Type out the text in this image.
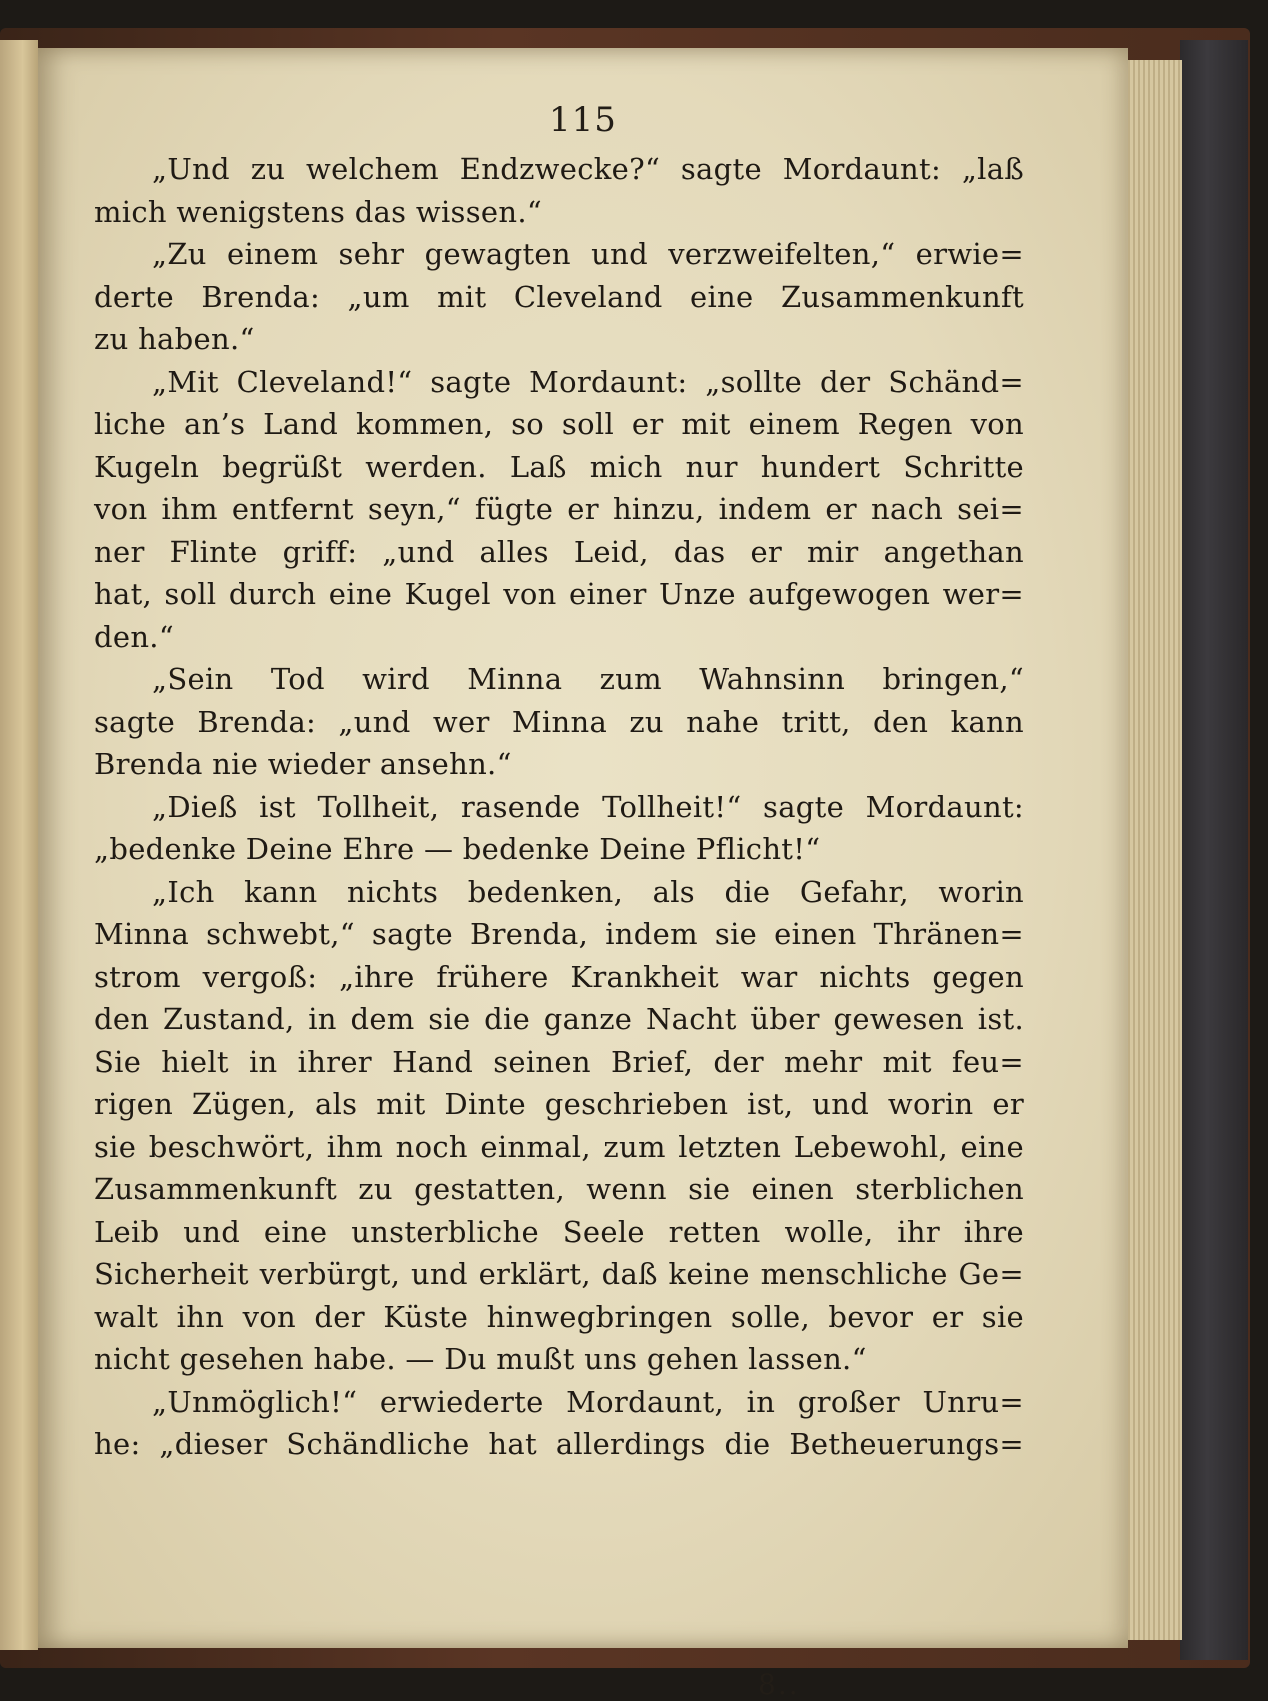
115
„Und zu welchem Endzwecke?“ sagte Mordaunt: „laß
mich wenigstens das wissen.“
„Zu einem sehr gewagten und verzweifelten,“ erwie=
derte Brenda: „um mit Cleveland eine Zusammenkunft
zu haben.“
„Mit Cleveland!“ sagte Mordaunt: „sollte der Schänd=
liche an’s Land kommen, so soll er mit einem Regen von
Kugeln begrüßt werden. Laß mich nur hundert Schritte
von ihm entfernt seyn,“ fügte er hinzu, indem er nach sei=
ner Flinte griff: „und alles Leid, das er mir angethan
hat, soll durch eine Kugel von einer Unze aufgewogen wer=
den.“
„Sein Tod wird Minna zum Wahnsinn bringen,“
sagte Brenda: „und wer Minna zu nahe tritt, den kann
Brenda nie wieder ansehn.“
„Dieß ist Tollheit, rasende Tollheit!“ sagte Mordaunt:
„bedenke Deine Ehre — bedenke Deine Pflicht!“
„Ich kann nichts bedenken, als die Gefahr, worin
Minna schwebt,“ sagte Brenda, indem sie einen Thränen=
strom vergoß: „ihre frühere Krankheit war nichts gegen
den Zustand, in dem sie die ganze Nacht über gewesen ist.
Sie hielt in ihrer Hand seinen Brief, der mehr mit feu=
rigen Zügen, als mit Dinte geschrieben ist, und worin er
sie beschwört, ihm noch einmal, zum letzten Lebewohl, eine
Zusammenkunft zu gestatten, wenn sie einen sterblichen
Leib und eine unsterbliche Seele retten wolle, ihr ihre
Sicherheit verbürgt, und erklärt, daß keine menschliche Ge=
walt ihn von der Küste hinwegbringen solle, bevor er sie
nicht gesehen habe. — Du mußt uns gehen lassen.“
„Unmöglich!“ erwiederte Mordaunt, in großer Unru=
he: „dieser Schändliche hat allerdings die Betheuerungs=
8..
